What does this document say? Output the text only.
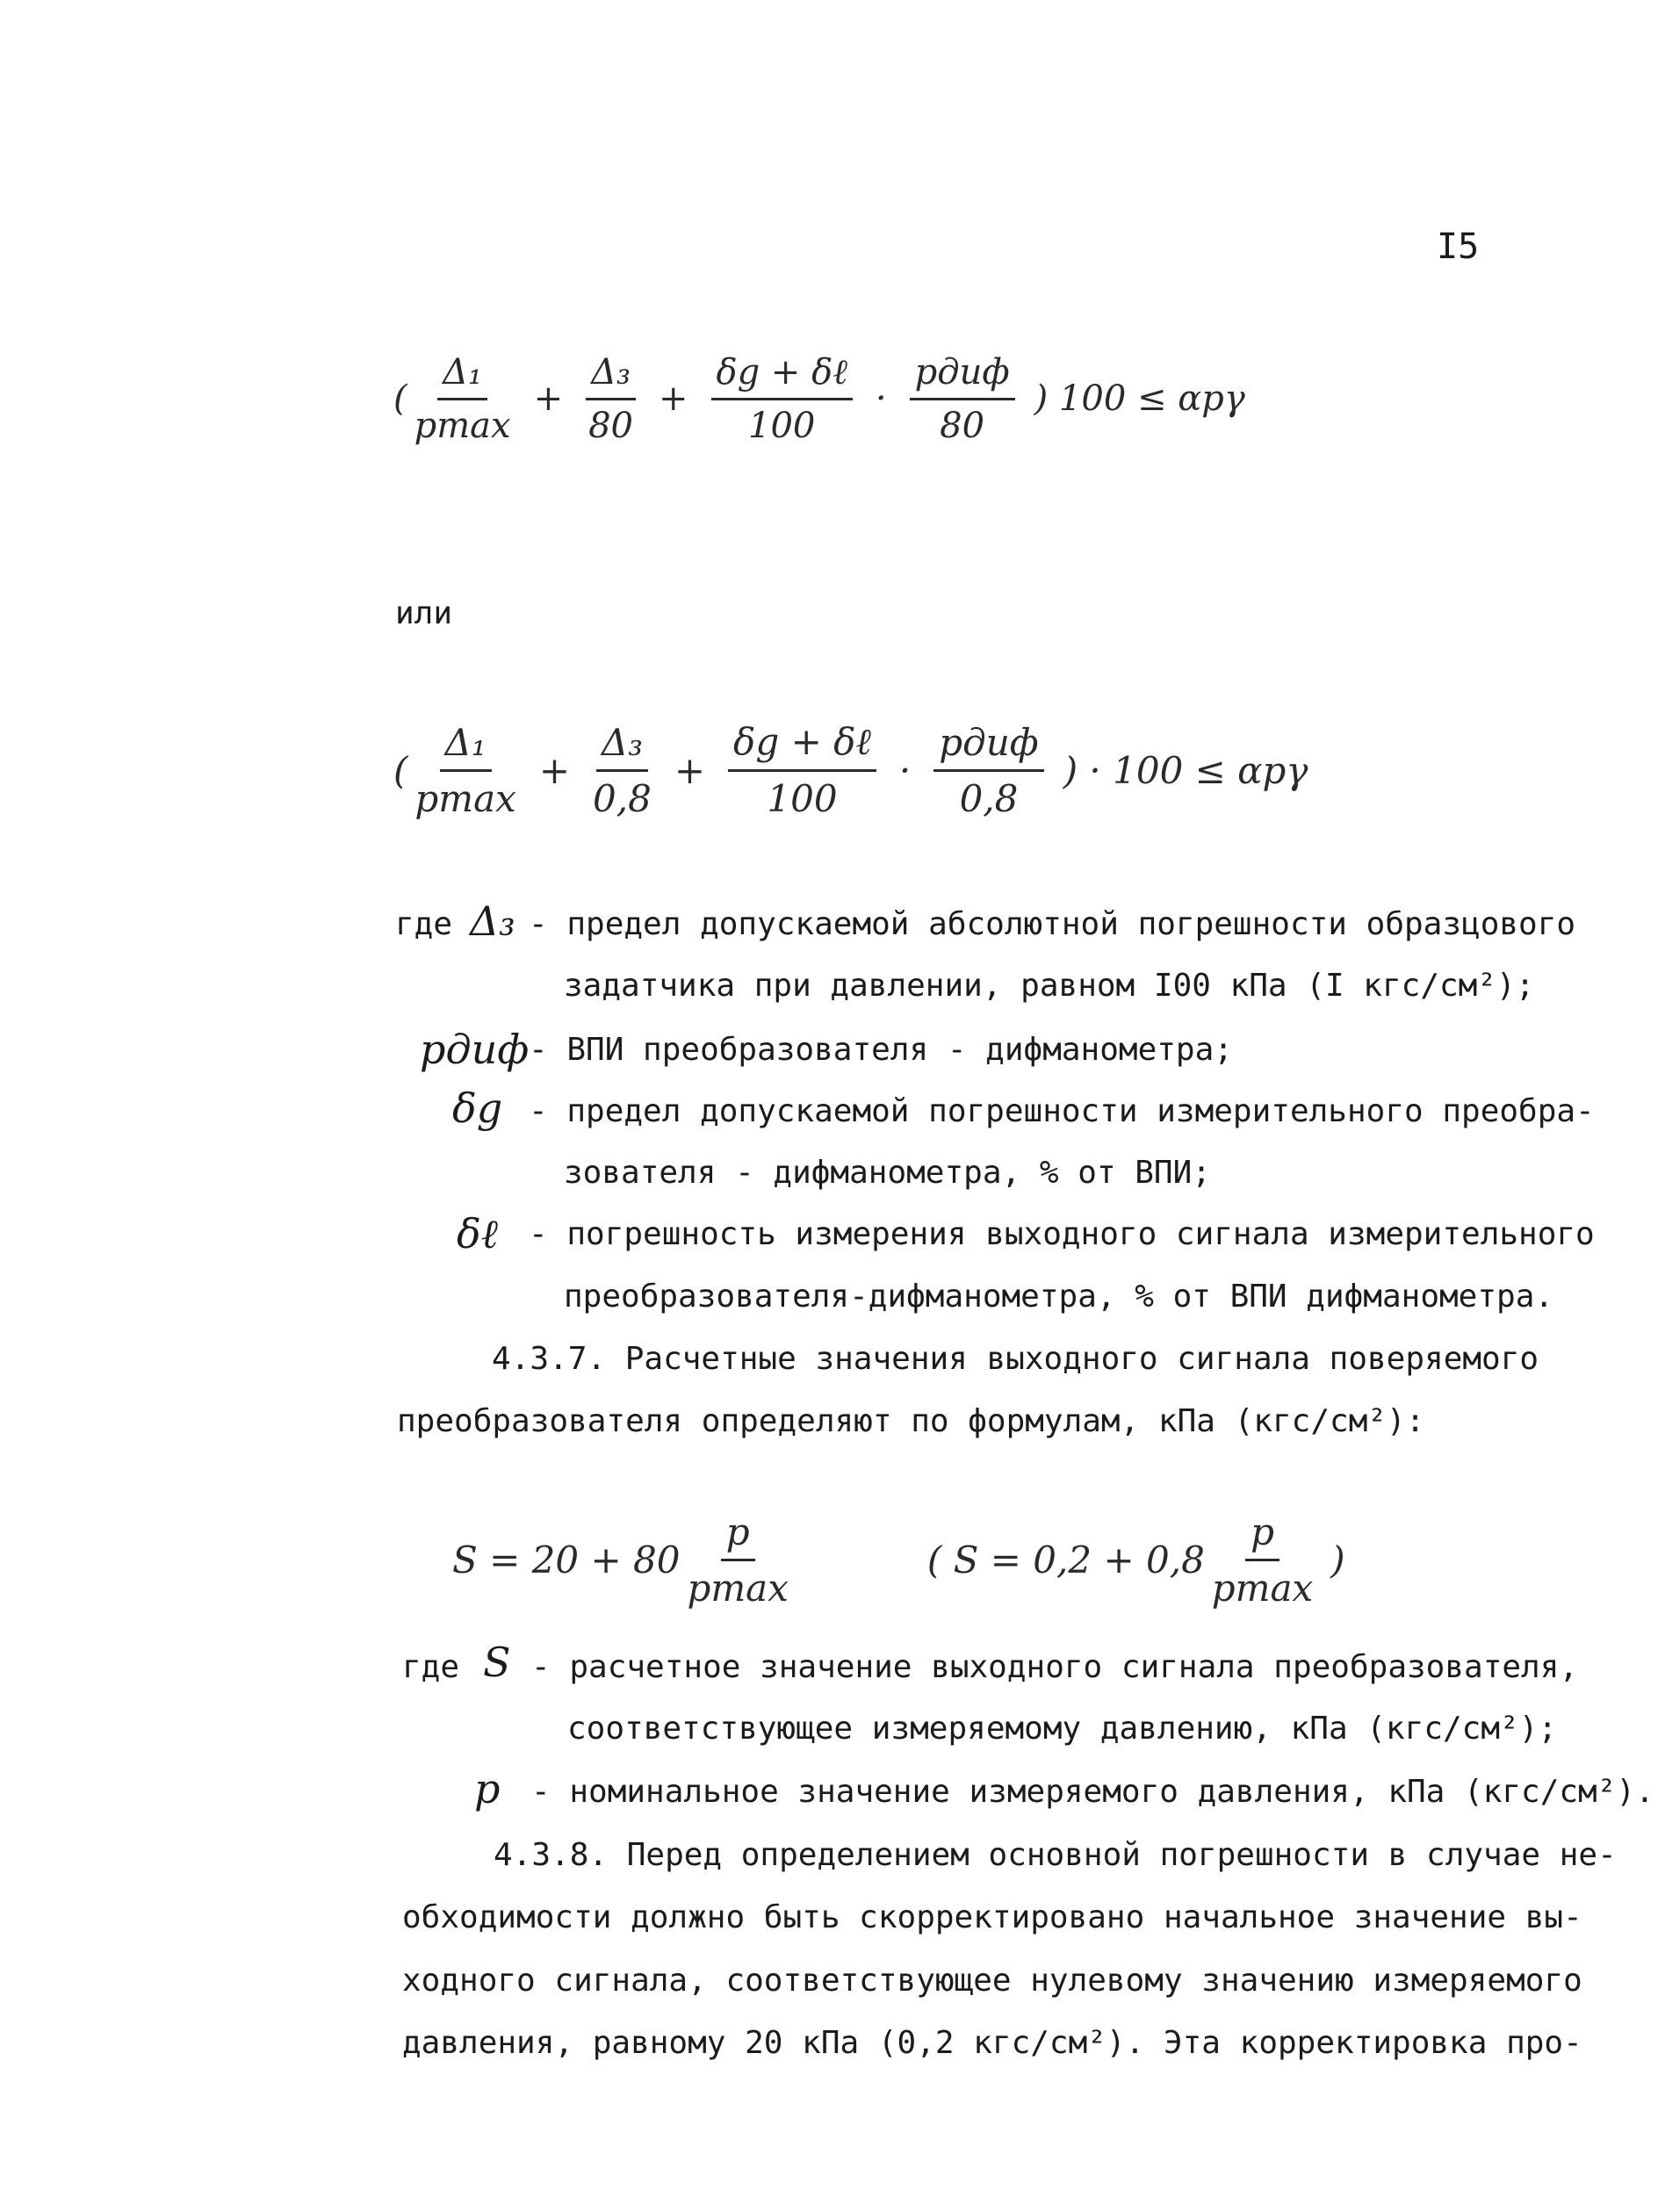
I5
( $\frac{\text{Δ₁}}{pmax} + \frac{\text{Δ₃}}{80} + \frac{\text{δg + δℓ}}{100} \cdot \frac{\text{pдиф}}{80}$ ) 100 ≤ αpγ
или
( $\frac{\text{Δ₁}}{pmax} + \frac{\text{Δ₃}}{0,8} + \frac{\text{δg + δℓ}}{100} \cdot \frac{\text{pдиф}}{0,8}$ ) · 100 ≤ αpγ
где Δ₃ - предел допускаемой абсолютной погрешности образцового
задатчика при давлении, равном I00 кПа (I кгс/см²);
pдиф - ВПИ преобразователя - дифманометра;
δg - предел допускаемой погрешности измерительного преобра-
зователя - дифманометра, % от ВПИ;
δℓ - погрешность измерения выходного сигнала измерительного
преобразователя-дифманометра, % от ВПИ дифманометра.
4.3.7. Расчетные значения выходного сигнала поверяемого
преобразователя определяют по формулам, кПа (кгс/см²):
$S = 20 + 80 \frac{p}{pmax}$	( $S = 0,2 + 0,8 \frac{p}{pmax}$ )
где S - расчетное значение выходного сигнала преобразователя,
соответствующее измеряемому давлению, кПа (кгс/см²);
p - номинальное значение измеряемого давления, кПа (кгс/см²).
4.3.8. Перед определением основной погрешности в случае не-
обходимости должно быть скорректировано начальное значение вы-
ходного сигнала, соответствующее нулевому значению измеряемого
давления, равному 20 кПа (0,2 кгс/см²). Эта корректировка про-
